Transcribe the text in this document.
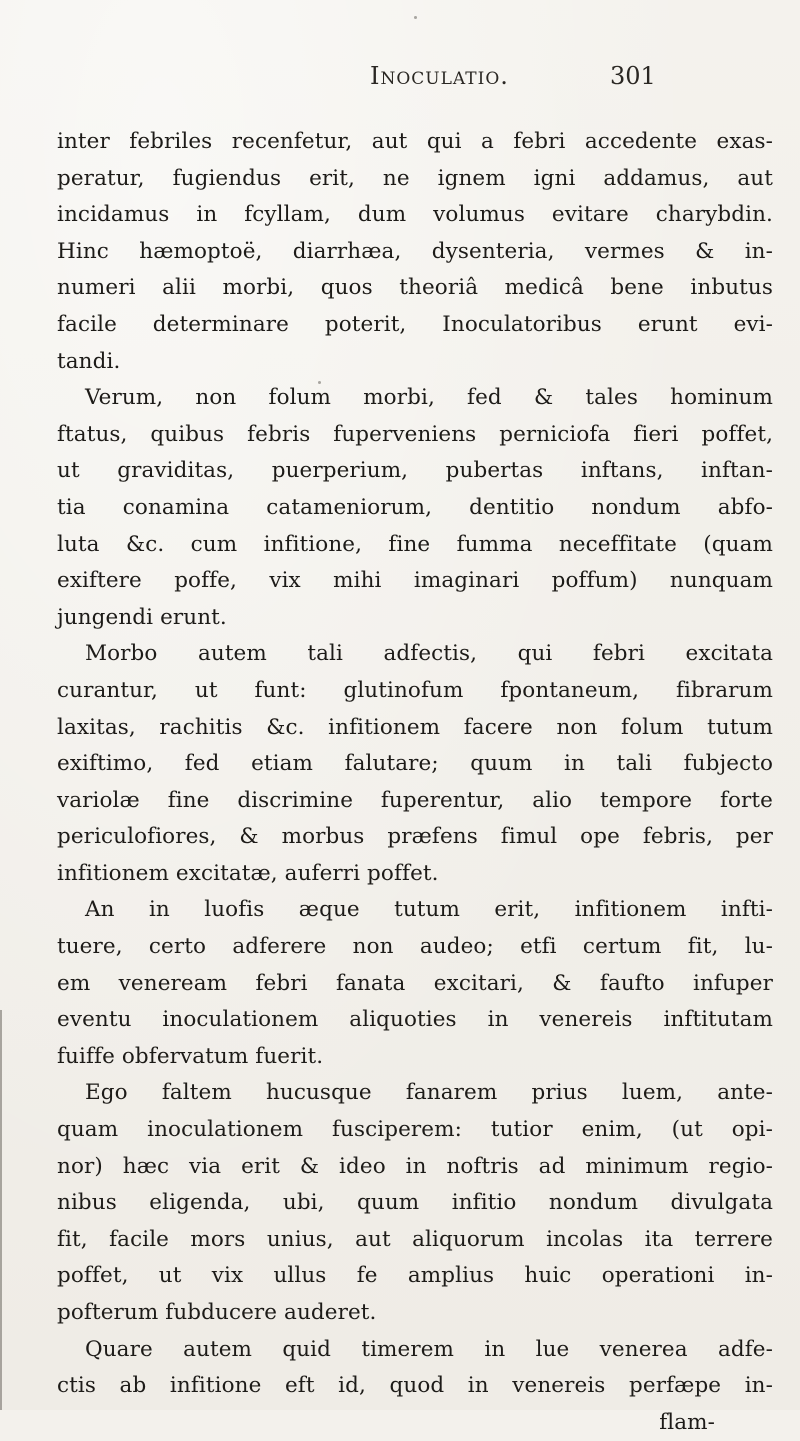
Inoculatio.	301
inter febriles recenfetur, aut qui a febri accedente exas-
peratur, fugiendus erit, ne ignem igni addamus, aut
incidamus in fcyllam, dum volumus evitare charybdin.
Hinc hæmoptoë, diarrhæa, dysenteria, vermes & in-
numeri alii morbi, quos theoriâ medicâ bene inbutus
facile determinare poterit, Inoculatoribus erunt evi-
tandi.
Verum, non folum morbi, fed & tales hominum
ftatus, quibus febris fuperveniens perniciofa fieri poffet,
ut graviditas, puerperium, pubertas inftans, inftan-
tia conamina catameniorum, dentitio nondum abfo-
luta &c. cum infitione, fine fumma neceffitate (quam
exiftere poffe, vix mihi imaginari poffum) nunquam
jungendi erunt.
Morbo autem tali adfectis, qui febri excitata
curantur, ut funt: glutinofum fpontaneum, fibrarum
laxitas, rachitis &c. infitionem facere non folum tutum
exiftimo, fed etiam falutare; quum in tali fubjecto
variolæ fine discrimine fuperentur, alio tempore forte
periculofiores, & morbus præfens fimul ope febris, per
infitionem excitatæ, auferri poffet.
An in luofis æque tutum erit, infitionem infti-
tuere, certo adferere non audeo; etfi certum fit, lu-
em veneream febri fanata excitari, & faufto infuper
eventu inoculationem aliquoties in venereis inftitutam
fuiffe obfervatum fuerit.
Ego faltem hucusque fanarem prius luem, ante-
quam inoculationem fusciperem: tutior enim, (ut opi-
nor) hæc via erit & ideo in noftris ad minimum regio-
nibus eligenda, ubi, quum infitio nondum divulgata
fit, facile mors unius, aut aliquorum incolas ita terrere
poffet, ut vix ullus fe amplius huic operationi in-
pofterum fubducere auderet.
Quare autem quid timerem in lue venerea adfe-
ctis ab infitione eft id, quod in venereis perfæpe in-
flam-
